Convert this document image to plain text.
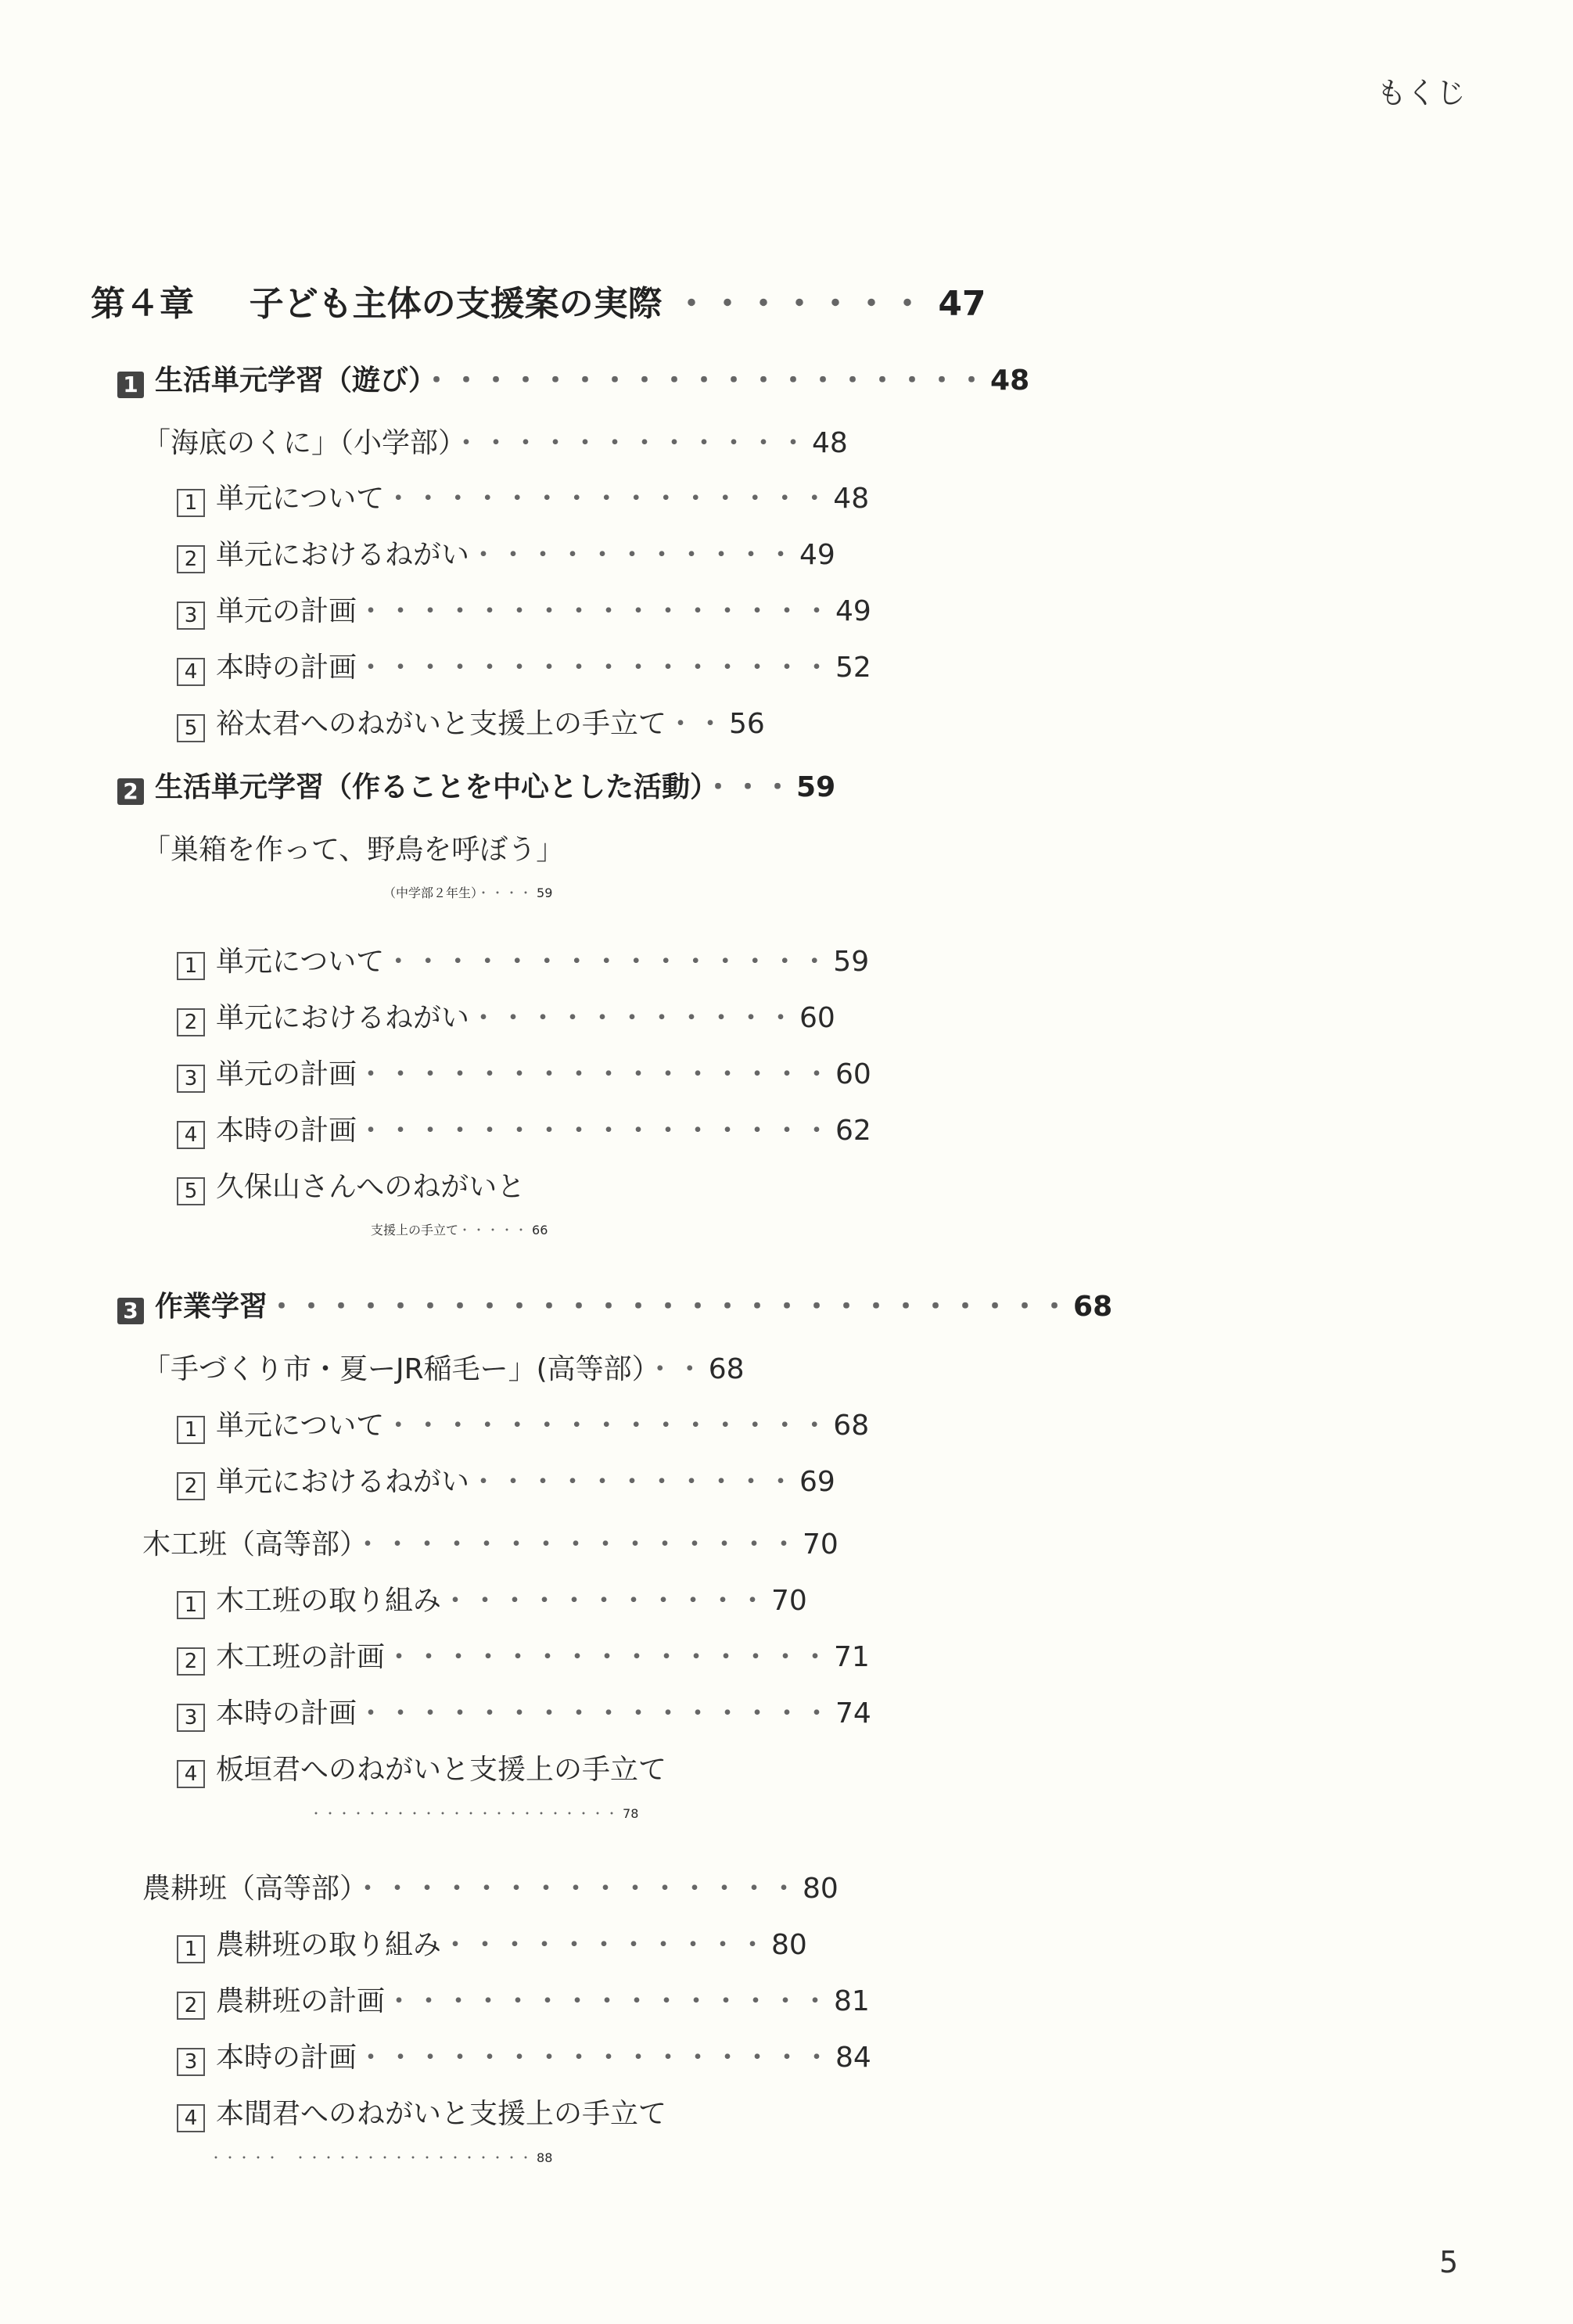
もくじ
第４章 子ども主体の支援案の実際 ・・・・・・・ 47
1 生活単元学習（遊び）・・・・・・・・・・・・・・・・・・・ 48
「海底のくに」（小学部）・・・・・・・・・・・・ 48
1 単元について・・・・・・・・・・・・・・・ 48
2 単元におけるねがい・・・・・・・・・・・ 49
3 単元の計画・・・・・・・・・・・・・・・・ 49
4 本時の計画・・・・・・・・・・・・・・・・ 52
5 裕太君へのねがいと支援上の手立て・・ 56
2 生活単元学習（作ることを中心とした活動）・・・ 59
「巣箱を作って、野鳥を呼ぼう」
（中学部２年生）・・・・ 59
1 単元について・・・・・・・・・・・・・・・ 59
2 単元におけるねがい・・・・・・・・・・・ 60
3 単元の計画・・・・・・・・・・・・・・・・ 60
4 本時の計画・・・・・・・・・・・・・・・・ 62
5 久保山さんへのねがいと
支援上の手立て・・・・・ 66
3 作業学習・・・・・・・・・・・・・・・・・・・・・・・・・・・ 68
「手づくり市・夏ーJR稲毛ー」(高等部）・・ 68
1 単元について・・・・・・・・・・・・・・・ 68
2 単元におけるねがい・・・・・・・・・・・ 69
木工班（高等部）・・・・・・・・・・・・・・・ 70
1 木工班の取り組み・・・・・・・・・・・ 70
2 木工班の計画・・・・・・・・・・・・・・・ 71
3 本時の計画・・・・・・・・・・・・・・・・ 74
4 板垣君へのねがいと支援上の手立て
・・・・・・・・・・・・・・・・・・・・・・ 78
農耕班（高等部）・・・・・・・・・・・・・・・ 80
1 農耕班の取り組み・・・・・・・・・・・ 80
2 農耕班の計画・・・・・・・・・・・・・・・ 81
3 本時の計画・・・・・・・・・・・・・・・・ 84
4 本間君へのねがいと支援上の手立て
・・・・・　・・・・・・・・・・・・・・・・・ 88
5
